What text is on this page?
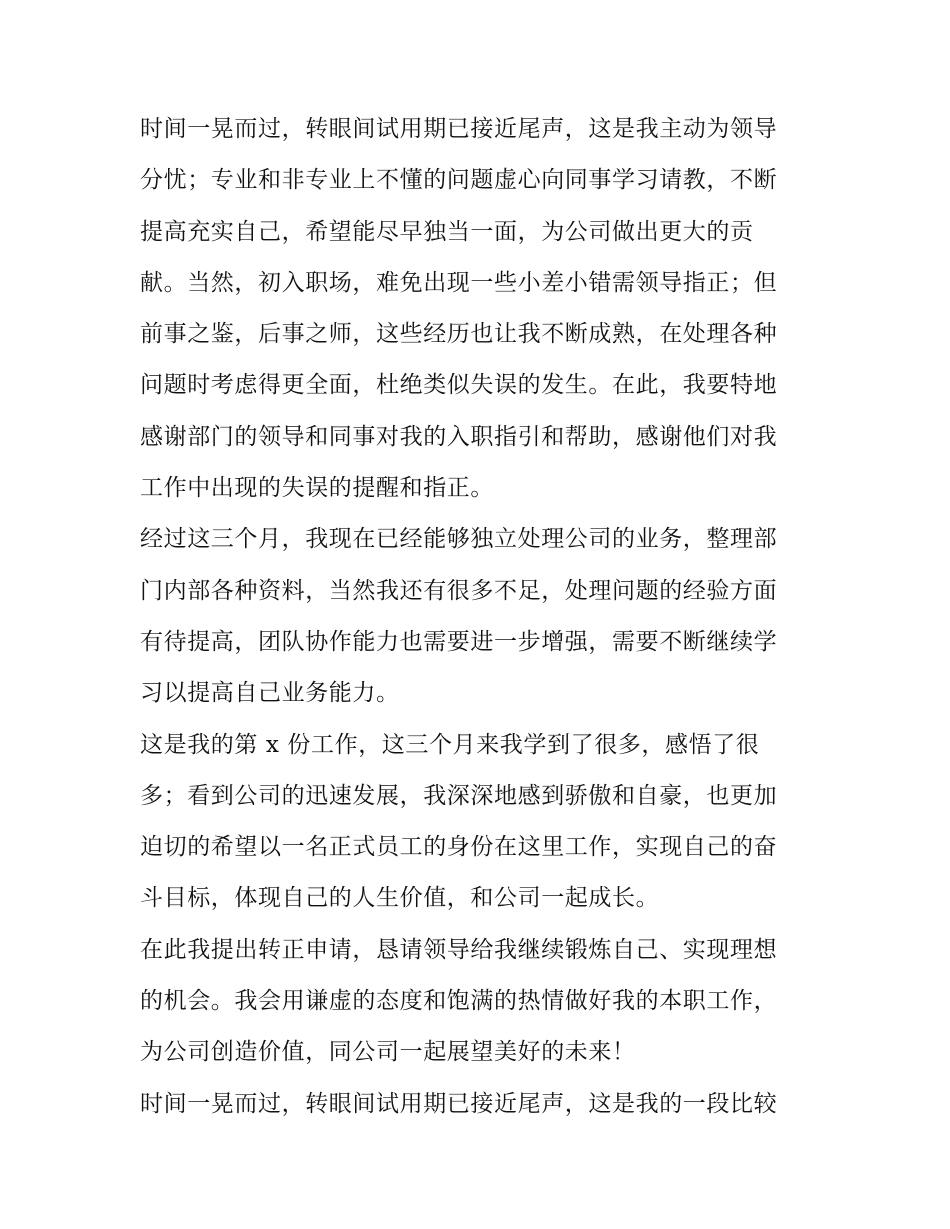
时间一晃而过，转眼间试用期已接近尾声，这是我主动为领导
分忧；专业和非专业上不懂的问题虚心向同事学习请教，不断
提高充实自己，希望能尽早独当一面，为公司做出更大的贡
献。当然，初入职场，难免出现一些小差小错需领导指正；但
前事之鉴，后事之师，这些经历也让我不断成熟，在处理各种
问题时考虑得更全面，杜绝类似失误的发生。在此，我要特地
感谢部门的领导和同事对我的入职指引和帮助，感谢他们对我
工作中出现的失误的提醒和指正。
经过这三个月，我现在已经能够独立处理公司的业务，整理部
门内部各种资料，当然我还有很多不足，处理问题的经验方面
有待提高，团队协作能力也需要进一步增强，需要不断继续学
习以提高自己业务能力。
这是我的第 x 份工作，这三个月来我学到了很多，感悟了很
多；看到公司的迅速发展，我深深地感到骄傲和自豪，也更加
迫切的希望以一名正式员工的身份在这里工作，实现自己的奋
斗目标，体现自己的人生价值，和公司一起成长。
在此我提出转正申请，恳请领导给我继续锻炼自己、实现理想
的机会。我会用谦虚的态度和饱满的热情做好我的本职工作，
为公司创造价值，同公司一起展望美好的未来！
时间一晃而过，转眼间试用期已接近尾声，这是我的一段比较
